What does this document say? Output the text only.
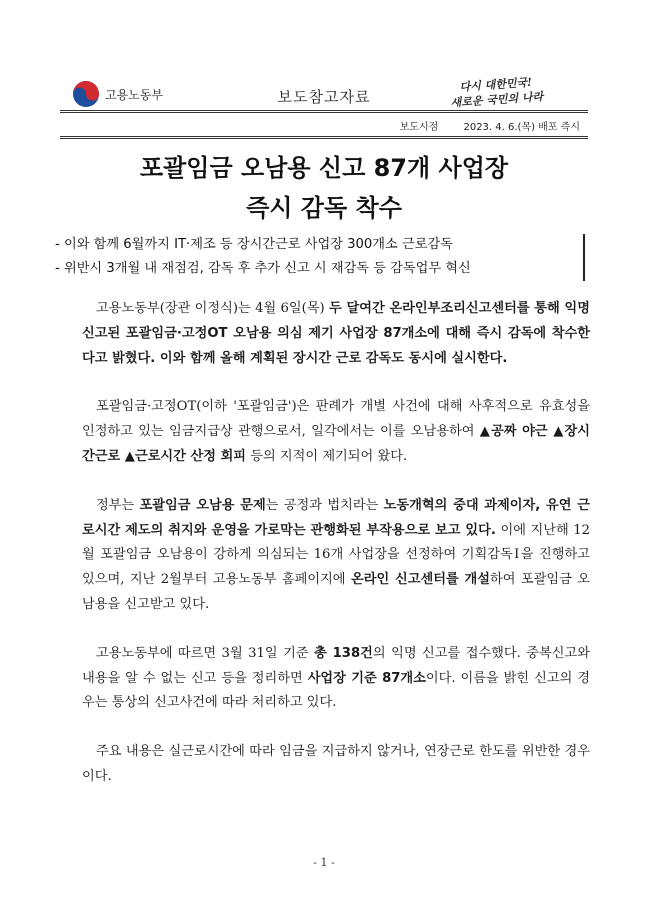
고용노동부	보도참고자료
다시 대한민국!
새로운 국민의 나라
보도시점	2023. 4. 6.(목) 배포 즉시
포괄임금 오남용 신고 87개 사업장
즉시 감독 착수
- 이와 함께 6월까지 IT·제조 등 장시간근로 사업장 300개소 근로감독
- 위반시 3개월 내 재점검, 감독 후 추가 신고 시 재감독 등 감독업무 혁신

고용노동부(장관 이정식)는 4월 6일(목) 두 달여간 온라인부조리신고센터를 통해 익명 신고된 포괄임금·고정OT 오남용 의심 제기 사업장 87개소에 대해 즉시 감독에 착수한다고 밝혔다. 이와 함께 올해 계획된 장시간 근로 감독도 동시에 실시한다.

포괄임금·고정OT(이하 '포괄임금')은 판례가 개별 사건에 대해 사후적으로 유효성을 인정하고 있는 임금지급상 관행으로서, 일각에서는 이를 오남용하여 ▲공짜 야근 ▲장시간근로 ▲근로시간 산정 회피 등의 지적이 제기되어 왔다.

정부는 포괄임금 오남용 문제는 공정과 법치라는 노동개혁의 중대 과제이자, 유연 근로시간 제도의 취지와 운영을 가로막는 관행화된 부작용으로 보고 있다. 이에 지난해 12월 포괄임금 오남용이 강하게 의심되는 16개 사업장을 선정하여 기획감독Ⅰ을 진행하고 있으며, 지난 2월부터 고용노동부 홈페이지에 온라인 신고센터를 개설하여 포괄임금 오남용을 신고받고 있다.

고용노동부에 따르면 3월 31일 기준 총 138건의 익명 신고를 접수했다. 중복신고와 내용을 알 수 없는 신고 등을 정리하면 사업장 기준 87개소이다. 이름을 밝힌 신고의 경우는 통상의 신고사건에 따라 처리하고 있다.

주요 내용은 실근로시간에 따라 임금을 지급하지 않거나, 연장근로 한도를 위반한 경우이다.

- 1 -
